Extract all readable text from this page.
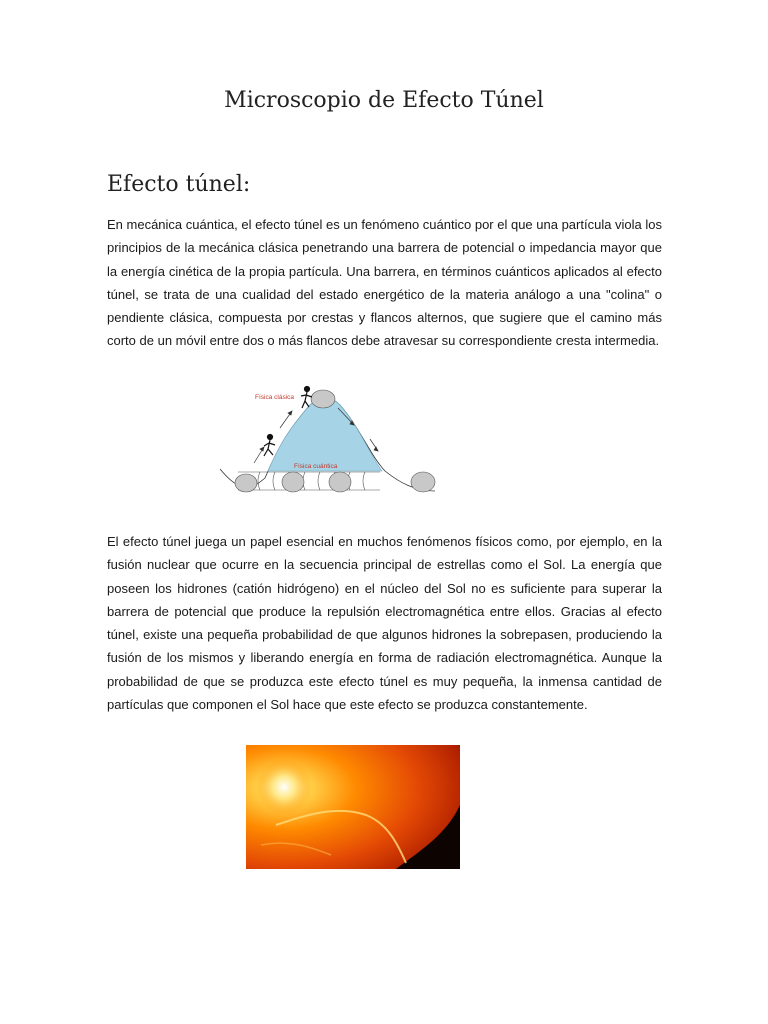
Microscopio de Efecto Túnel
Efecto túnel:

En mecánica cuántica, el efecto túnel es un fenómeno cuántico por el que una partícula viola los principios de la mecánica clásica penetrando una barrera de potencial o impedancia mayor que la energía cinética de la propia partícula. Una barrera, en términos cuánticos aplicados al efecto túnel, se trata de una cualidad del estado energético de la materia análogo a una "colina" o pendiente clásica, compuesta por crestas y flancos alternos, que sugiere que el camino más corto de un móvil entre dos o más flancos debe atravesar su correspondiente cresta intermedia.

Física clásica
Física cuántica

El efecto túnel juega un papel esencial en muchos fenómenos físicos como, por ejemplo, en la fusión nuclear que ocurre en la secuencia principal de estrellas como el Sol. La energía que poseen los hidrones (catión hidrógeno) en el núcleo del Sol no es suficiente para superar la barrera de potencial que produce la repulsión electromagnética entre ellos. Gracias al efecto túnel, existe una pequeña probabilidad de que algunos hidrones la sobrepasen, produciendo la fusión de los mismos y liberando energía en forma de radiación electromagnética. Aunque la probabilidad de que se produzca este efecto túnel es muy pequeña, la inmensa cantidad de partículas que componen el Sol hace que este efecto se produzca constantemente.
